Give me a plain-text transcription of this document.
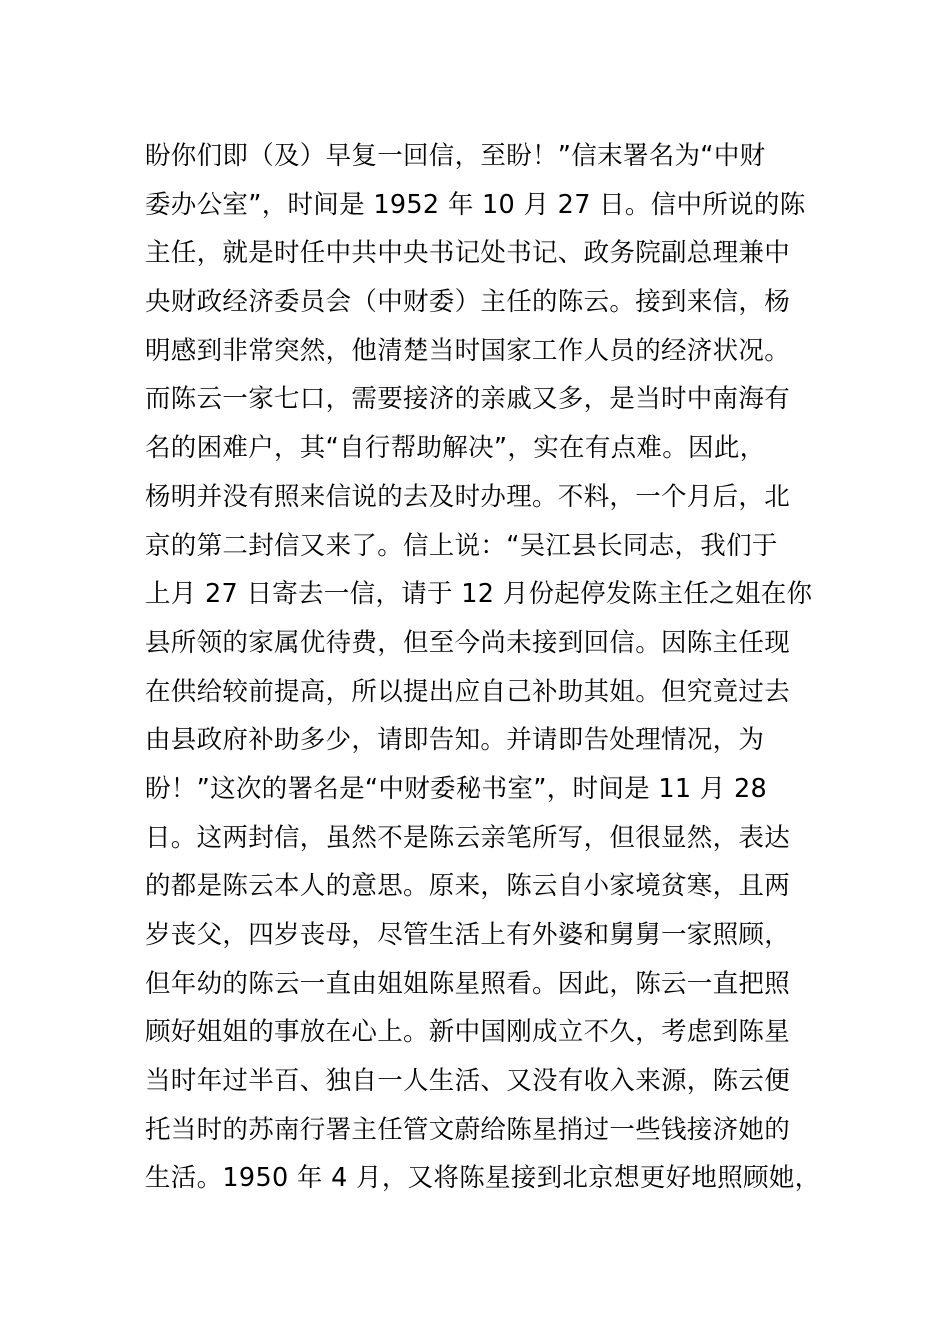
盼你们即（及）早复一回信，至盼！”信末署名为“中财
委办公室”，时间是 1952 年 10 月 27 日。信中所说的陈
主任，就是时任中共中央书记处书记、政务院副总理兼中
央财政经济委员会（中财委）主任的陈云。接到来信，杨
明感到非常突然，他清楚当时国家工作人员的经济状况。
而陈云一家七口，需要接济的亲戚又多，是当时中南海有
名的困难户，其“自行帮助解决”，实在有点难。因此，
杨明并没有照来信说的去及时办理。不料，一个月后，北
京的第二封信又来了。信上说：“吴江县长同志，我们于
上月 27 日寄去一信，请于 12 月份起停发陈主任之姐在你
县所领的家属优待费，但至今尚未接到回信。因陈主任现
在供给较前提高，所以提出应自己补助其姐。但究竟过去
由县政府补助多少，请即告知。并请即告处理情况，为
盼！”这次的署名是“中财委秘书室”，时间是 11 月 28
日。这两封信，虽然不是陈云亲笔所写，但很显然，表达
的都是陈云本人的意思。原来，陈云自小家境贫寒，且两
岁丧父，四岁丧母，尽管生活上有外婆和舅舅一家照顾，
但年幼的陈云一直由姐姐陈星照看。因此，陈云一直把照
顾好姐姐的事放在心上。新中国刚成立不久，考虑到陈星
当时年过半百、独自一人生活、又没有收入来源，陈云便
托当时的苏南行署主任管文蔚给陈星捎过一些钱接济她的
生活。1950 年 4 月，又将陈星接到北京想更好地照顾她，
